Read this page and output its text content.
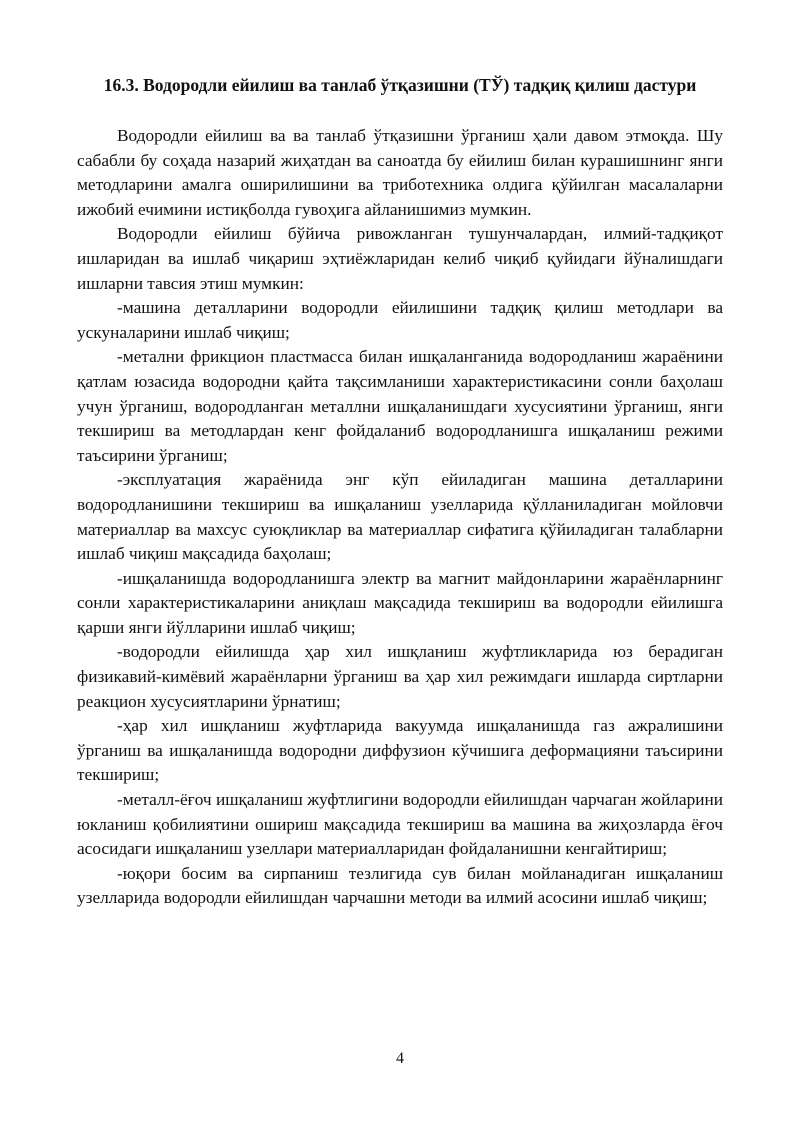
16.3. Водородли ейилиш ва танлаб ўтқазишни (ТЎ) тадқиқ қилиш дастури

Водородли ейилиш ва ва танлаб ўтқазишни ўрганиш ҳали давом этмоқда. Шу сабабли бу соҳада назарий жиҳатдан ва саноатда бу ейилиш билан курашишнинг янги методларини амалга оширилишини ва триботехника олдига қўйилган масалаларни ижобий ечимини истиқболда гувоҳига айланишимиз мумкин.

Водородли ейилиш бўйича ривожланган тушунчалардан, илмий-тадқиқот ишларидан ва ишлаб чиқариш эҳтиёжларидан келиб чиқиб қуйидаги йўналишдаги ишларни тавсия этиш мумкин:

-машина деталларини водородли ейилишини тадқиқ қилиш методлари ва ускуналарини ишлаб чиқиш;

-метални фрикцион пластмасса билан ишқаланганида водородланиш жараёнини қатлам юзасида водородни қайта тақсимланиши характеристикасини сонли баҳолаш учун ўрганиш, водородланган металлни ишқаланишдаги хусусиятини ўрганиш, янги текшириш ва методлардан кенг фойдаланиб водородланишга ишқаланиш режими таъсирини ўрганиш;

-эксплуатация жараёнида энг кўп ейиладиган машина деталларини водородланишини текшириш ва ишқаланиш узелларида қўлланиладиган мойловчи материаллар ва махсус суюқликлар ва материаллар сифатига қўйиладиган талабларни ишлаб чиқиш мақсадида баҳолаш;

-ишқаланишда водородланишга электр ва магнит майдонларини жараёнларнинг сонли характеристикаларини аниқлаш мақсадида текшириш ва водородли ейилишга қарши янги йўлларини ишлаб чиқиш;

-водородли ейилишда ҳар хил ишқланиш жуфтликларида юз берадиган физикавий-кимёвий жараёнларни ўрганиш ва ҳар хил режимдаги ишларда сиртларни реакцион хусусиятларини ўрнатиш;

-ҳар хил ишқланиш жуфтларида вакуумда ишқаланишда газ ажралишини ўрганиш ва ишқаланишда водородни диффузион кўчишига деформацияни таъсирини текшириш;

-металл-ёғоч ишқаланиш жуфтлигини водородли ейилишдан чарчаган жойларини юкланиш қобилиятини ошириш мақсадида текшириш ва машина ва жиҳозларда ёғоч асосидаги ишқаланиш узеллари материалларидан фойдаланишни кенгайтириш;

-юқори босим ва сирпаниш тезлигида сув билан мойланадиган ишқаланиш узелларида водородли ейилишдан чарчашни методи ва илмий асосини ишлаб чиқиш;

4
